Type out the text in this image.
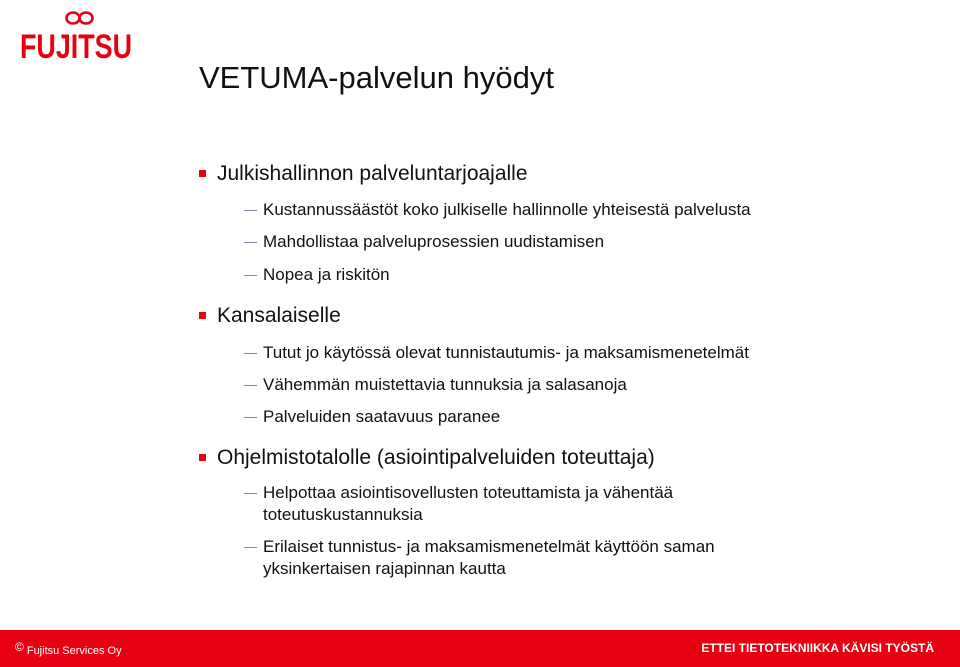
FUJITSU
VETUMA-palvelun hyödyt
Julkishallinnon palveluntarjoajalle
Kustannussäästöt koko julkiselle hallinnolle yhteisestä palvelusta
Mahdollistaa palveluprosessien uudistamisen
Nopea ja riskitön
Kansalaiselle
Tutut jo käytössä olevat tunnistautumis- ja maksamismenetelmät
Vähemmän muistettavia tunnuksia ja salasanoja
Palveluiden saatavuus paranee
Ohjelmistotalolle (asiointipalveluiden toteuttaja)
Helpottaa asiointisovellusten toteuttamista ja vähentää
toteutuskustannuksia
Erilaiset tunnistus- ja maksamismenetelmät käyttöön saman
yksinkertaisen rajapinnan kautta
© Fujitsu Services Oy	ETTEI TIETOTEKNIIKKA KÄVISI TYÖSTÄ
